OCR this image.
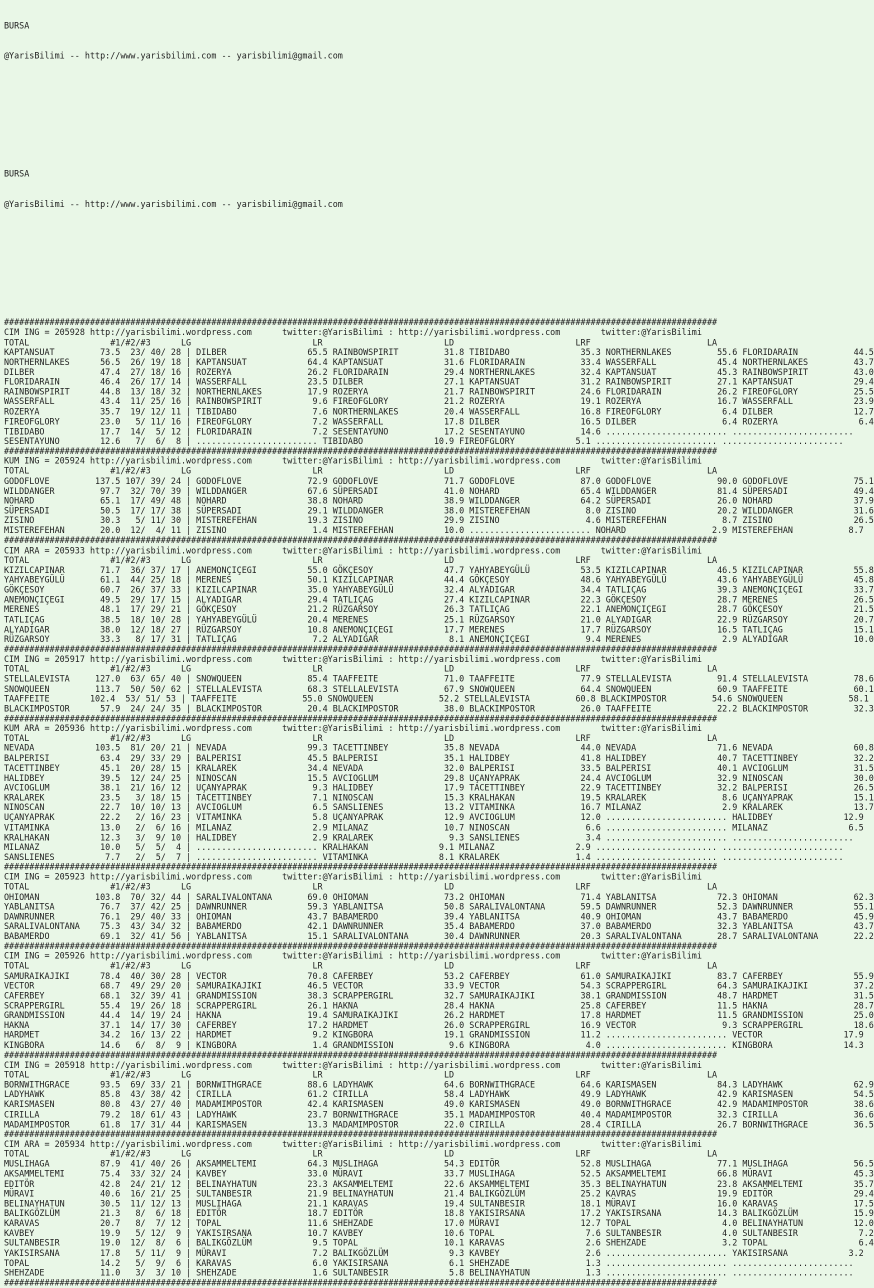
BURSA

@YarisBilimi -- http://www.yarisbilimi.com -- yarisbilimi@gmail.com

BURSA

@YarisBilimi -- http://www.yarisbilimi.com -- yarisbilimi@gmail.com

#############################################################################################################################################
CIM ING = 205928 http://yarisbilimi.wordpress.com      twitter:@YarisBilimi : http://yarisbilimi.wordpress.com        twitter:@YarisBilimi
TOTAL                #1/#2/#3      LG                        LR                        LD                        LRF                       LA
KAPTANSUAT         73.5  23/ 40/ 28 | DILBER                65.5 RAINBOWSPIRIT         31.8 TIBIDABO              35.3 NORTHERNLAKES         55.6 FLORIDARAIN           44.5
NORTHERNLAKES      56.5  26/ 19/ 18 | KAPTANSUAT            64.4 KAPTANSUAT            31.6 FLORIDARAIN           33.4 WASSERFALL            45.4 NORTHERNLAKES         43.7
DILBER             47.4  27/ 18/ 16 | ROZERYA               26.2 FLORIDARAIN           29.4 NORTHERNLAKES         32.4 KAPTANSUAT            45.3 RAINBOWSPIRIT         43.0
FLORIDARAIN        46.4  26/ 17/ 14 | WASSERFALL            23.5 DILBER                27.1 KAPTANSUAT            31.2 RAINBOWSPIRIT         27.1 KAPTANSUAT            29.4
RAINBOWSPIRIT      44.8  13/ 18/ 32 | NORTHERNLAKES         17.9 ROZERYA               21.7 RAINBOWSPIRIT         24.6 FLORIDARAIN           26.2 FIREOFGLORY           25.5
WASSERFALL         43.4  11/ 25/ 16 | RAINBOWSPIRIT          9.6 FIREOFGLORY           21.2 ROZERYA               19.1 ROZERYA               16.7 WASSERFALL            23.9
ROZERYA            35.7  19/ 12/ 11 | TIBIDABO               7.6 NORTHERNLAKES         20.4 WASSERFALL            16.8 FIREOFGLORY            6.4 DILBER                12.7
FIREOFGLORY        23.0   5/ 11/ 16 | FIREOFGLORY            7.2 WASSERFALL            17.8 DILBER                16.5 DILBER                 6.4 ROZERYA                6.4
TIBIDABO           17.7  14/  5/ 12 | FLORIDARAIN            7.2 SESENTAYUNO           17.2 SESENTAYUNO           14.6 ........................ ........................
SESENTAYUNO        12.6   7/  6/  8 | ........................ TIBIDABO              10.9 FIREOFGLORY            5.1 ........................ ........................
#############################################################################################################################################
KUM ING = 205924 http://yarisbilimi.wordpress.com      twitter:@YarisBilimi : http://yarisbilimi.wordpress.com        twitter:@YarisBilimi
TOTAL                #1/#2/#3      LG                        LR                        LD                        LRF                       LA
GODOFLOVE         137.5 107/ 39/ 24 | GODOFLOVE             72.9 GODOFLOVE             71.7 GODOFLOVE             87.0 GODOFLOVE             90.0 GODOFLOVE             75.1
WILDDANGER         97.7  32/ 70/ 39 | WILDDANGER            67.6 SÜPERSADI             41.0 NOHARD                65.4 WILDDANGER            81.4 SÜPERSADI             49.4
NOHARD             65.1  17/ 49/ 48 | NOHARD                38.8 NOHARD                38.9 WILDDANGER            64.2 SÜPERSADI             26.0 NOHARD                37.9
SÜPERSADI          50.5  17/ 17/ 38 | SÜPERSADI             29.1 WILDDANGER            38.0 MISTEREFEHAN           8.0 ZISINO                20.2 WILDDANGER            31.6
ZISINO             30.3   5/ 11/ 30 | MISTEREFEHAN          19.3 ZISINO                29.9 ZISINO                 4.6 MISTEREFEHAN           8.7 ZISINO                26.5
MISTEREFEHAN       20.0  12/  4/ 11 | ZISINO                 1.4 MISTEREFEHAN          10.0 ........................ NOHARD                 2.9 MISTEREFEHAN           8.7
#############################################################################################################################################
CIM ARA = 205933 http://yarisbilimi.wordpress.com      twitter:@YarisBilimi : http://yarisbilimi.wordpress.com        twitter:@YarisBilimi
TOTAL                #1/#2/#3      LG                        LR                        LD                        LRF                       LA
KIZILCAPINAR       71.7  36/ 37/ 17 | ANEMONÇIÇEGI          55.0 GÖKÇESOY              47.7 YAHYABEYGÜLÜ          53.5 KIZILCAPINAR          46.5 KIZILCAPINAR          55.8
YAHYABEYGÜLÜ       61.1  44/ 25/ 18 | MERENES               50.1 KIZILCAPINAR          44.4 GÖKÇESOY              48.6 YAHYABEYGÜLÜ          43.6 YAHYABEYGÜLÜ          45.8
GÖKÇESOY           60.7  26/ 37/ 33 | KIZILCAPINAR          35.0 YAHYABEYGÜLÜ          32.4 ALYADIGAR             34.4 TATLIÇAG              39.3 ANEMONÇIÇEGI          33.7
ANEMONÇIÇEGI       49.5  29/ 17/ 15 | ALYADIGAR             29.4 TATLIÇAG              27.4 KIZILCAPINAR          22.3 GÖKÇESOY              28.7 MERENES               26.5
MERENES            48.1  17/ 29/ 21 | GÖKÇESOY              21.2 RÜZGARSOY             26.3 TATLIÇAG              22.1 ANEMONÇIÇEGI          28.7 GÖKÇESOY              21.5
TATLIÇAG           38.5  18/ 10/ 28 | YAHYABEYGÜLÜ          20.4 MERENES               25.1 RÜZGARSOY             21.0 ALYADIGAR             22.9 RÜZGARSOY             20.7
ALYADIGAR          38.0  12/ 18/ 27 | RÜZGARSOY             10.8 ANEMONÇIÇEGI          17.7 MERENES               17.7 RÜZGARSOY             16.5 TATLIÇAG              15.1
RÜZGARSOY          33.3   8/ 17/ 31 | TATLIÇAG               7.2 ALYADIGAR              8.1 ANEMONÇIÇEGI           9.4 MERENES                2.9 ALYADIGAR             10.0
#############################################################################################################################################
CIM ING = 205917 http://yarisbilimi.wordpress.com      twitter:@YarisBilimi : http://yarisbilimi.wordpress.com        twitter:@YarisBilimi
TOTAL                #1/#2/#3      LG                        LR                        LD                        LRF                       LA
STELLALEVISTA     127.0  63/ 65/ 40 | SNOWQUEEN             85.4 TAAFFEITE             71.0 TAAFFEITE             77.9 STELLALEVISTA         91.4 STELLALEVISTA         78.6
SNOWQUEEN         113.7  50/ 50/ 62 | STELLALEVISTA         68.3 STELLALEVISTA         67.9 SNOWQUEEN             64.4 SNOWQUEEN             60.9 TAAFFEITE             60.1
TAAFFEITE        102.4  53/ 51/ 53 | TAAFFEITE             55.0 SNOWQUEEN             52.2 STELLALEVISTA         60.8 BLACKIMPOSTOR         54.6 SNOWQUEEN             58.1
BLACKIMPOSTOR      57.9  24/ 24/ 35 | BLACKIMPOSTOR         20.4 BLACKIMPOSTOR         38.0 BLACKIMPOSTOR         26.0 TAAFFEITE             22.2 BLACKIMPOSTOR         32.3
#############################################################################################################################################
KUM ARA = 205936 http://yarisbilimi.wordpress.com      twitter:@YarisBilimi : http://yarisbilimi.wordpress.com        twitter:@YarisBilimi
TOTAL                #1/#2/#3      LG                        LR                        LD                        LRF                       LA
NEVADA            103.5  81/ 20/ 21 | NEVADA                99.3 TACETTINBEY           35.8 NEVADA                44.0 NEVADA                71.6 NEVADA                60.8
BALPERISI          63.4  29/ 33/ 29 | BALPERISI             45.5 BALPERISI             35.1 HALIDBEY              41.8 HALIDBEY              40.7 TACETTINBEY           32.2
TACETTINBEY        45.1  20/ 28/ 15 | KRALAREK              34.4 NEVADA                32.0 BALPERISI             33.5 BALPERISI             40.1 AVCIOGLUM             31.5
HALIDBEY           39.5  12/ 24/ 25 | NINOSCAN              15.5 AVCIOGLUM             29.8 UÇANYAPRAK            24.4 AVCIOGLUM             32.9 NINOSCAN              30.0
AVCIOGLUM          38.1  21/ 16/ 12 | UÇANYAPRAK             9.3 HALIDBEY              17.9 TACETTINBEY           22.9 TACETTINBEY           32.2 BALPERISI             26.5
KRALAREK           23.5   3/ 18/ 15 | TACETTINBEY            7.1 NINOSCAN              15.3 KRALHAKAN             19.5 KRALAREK               8.6 UÇANYAPRAK            15.1
NINOSCAN           22.7  10/ 10/ 13 | AVCIOGLUM              6.5 SANSLIENES            13.2 VITAMINKA             16.7 MILANAZ                2.9 KRALAREK              13.7
UÇANYAPRAK         22.2   2/ 16/ 23 | VITAMINKA              5.8 UÇANYAPRAK            12.9 AVCIOGLUM             12.0 ........................ HALIDBEY              12.9
VITAMINKA          13.0   2/  6/ 16 | MILANAZ                2.9 MILANAZ               10.7 NINOSCAN               6.6 ........................ MILANAZ                6.5
KRALHAKAN          12.3   3/  9/ 10 | HALIDBEY               2.9 KRALAREK               9.3 SANSLIENES             3.4 ........................ ........................
MILANAZ            10.0   5/  5/  4 | ........................ KRALHAKAN              9.1 MILANAZ                2.9 ........................ ........................
SANSLIENES          7.7   2/  5/  7 | ........................ VITAMINKA              8.1 KRALAREK               1.4 ........................ ........................
#############################################################################################################################################
CIM ING = 205923 http://yarisbilimi.wordpress.com      twitter:@YarisBilimi : http://yarisbilimi.wordpress.com        twitter:@YarisBilimi
TOTAL                #1/#2/#3      LG                        LR                        LD                        LRF                       LA
OHIOMAN           103.8  70/ 32/ 44 | SARALIVALONTANA       69.0 OHIOMAN               73.2 OHIOMAN               71.4 YABLANITSA            72.3 OHIOMAN               62.3
YABLANITSA         76.7  37/ 42/ 25 | DAWNRUNNER            59.3 YABLANITSA            50.8 SARALIVALONTANA       59.5 DAWNRUNNER            52.3 DAWNRUNNER            55.1
DAWNRUNNER         76.1  29/ 40/ 33 | OHIOMAN               43.7 BABAMERDO             39.4 YABLANITSA            40.9 OHIOMAN               43.7 BABAMERDO             45.9
SARALIVALONTANA    75.3  43/ 34/ 32 | BABAMERDO             42.1 DAWNRUNNER            35.4 BABAMERDO             37.0 BABAMERDO             32.3 YABLANITSA            43.7
BABAMERDO          69.1  32/ 41/ 56 | YABLANITSA            15.1 SARALIVALONTANA       30.4 DAWNRUNNER            20.3 SARALIVALONTANA       28.7 SARALIVALONTANA       22.2
#############################################################################################################################################
CIM ING = 205926 http://yarisbilimi.wordpress.com      twitter:@YarisBilimi : http://yarisbilimi.wordpress.com        twitter:@YarisBilimi
TOTAL                #1/#2/#3      LG                        LR                        LD                        LRF                       LA
SAMURAIKAJIKI      78.4  40/ 30/ 28 | VECTOR                70.8 CAFERBEY              53.2 CAFERBEY              61.0 SAMURAIKAJIKI         83.7 CAFERBEY              55.9
VECTOR             68.7  49/ 29/ 20 | SAMURAIKAJIKI         46.5 VECTOR                33.9 VECTOR                54.3 SCRAPPERGIRL          64.3 SAMURAIKAJIKI         37.2
CAFERBEY           68.1  32/ 39/ 41 | GRANDMISSION          38.3 SCRAPPERGIRL          32.7 SAMURAIKAJIKI         38.1 GRANDMISSION          48.7 HARDMET               31.5
SCRAPPERGIRL       55.4  19/ 26/ 18 | SCRAPPERGIRL          26.1 HAKNA                 28.4 HAKNA                 25.8 CAFERBEY              11.5 HAKNA                 28.7
GRANDMISSION       44.4  14/ 19/ 24 | HAKNA                 19.4 SAMURAIKAJIKI         26.2 HARDMET               17.8 HARDMET               11.5 GRANDMISSION          25.0
HAKNA              37.1  14/ 17/ 30 | CAFERBEY              17.2 HARDMET               26.0 SCRAPPERGIRL          16.9 VECTOR                 9.3 SCRAPPERGIRL          18.6
HARDMET            34.2  16/ 13/ 22 | HARDMET                9.2 KINGBORA              19.1 GRANDMISSION          11.2 ........................ VECTOR                17.9
KINGBORA           14.6   6/  8/  9 | KINGBORA               1.4 GRANDMISSION           9.6 KINGBORA               4.0 ........................ KINGBORA              14.3
#############################################################################################################################################
CIM ING = 205918 http://yarisbilimi.wordpress.com      twitter:@YarisBilimi : http://yarisbilimi.wordpress.com        twitter:@YarisBilimi
TOTAL                #1/#2/#3      LG                        LR                        LD                        LRF                       LA
BORNWITHGRACE      93.5  69/ 33/ 21 | BORNWITHGRACE         88.6 LADYHAWK              64.6 BORNWITHGRACE         64.6 KARISMASEN            84.3 LADYHAWK              62.9
LADYHAWK           85.8  43/ 38/ 42 | CIRILLA               61.2 CIRILLA               58.4 LADYHAWK              49.9 LADYHAWK              42.9 KARISMASEN            54.5
KARISMASEN         80.8  43/ 27/ 40 | MADAMIMPOSTOR         42.4 KARISMASEN            49.0 KARISMASEN            49.0 BORNWITHGRACE         42.9 MADAMIMPOSTOR         38.6
CIRILLA            79.2  18/ 61/ 43 | LADYHAWK              23.7 BORNWITHGRACE         35.1 MADAMIMPOSTOR         40.4 MADAMIMPOSTOR         32.3 CIRILLA               36.6
MADAMIMPOSTOR      61.8  17/ 31/ 44 | KARISMASEN            13.3 MADAMIMPOSTOR         22.0 CIRILLA               28.4 CIRILLA               26.7 BORNWITHGRACE         36.5
#############################################################################################################################################
CIM ARA = 205934 http://yarisbilimi.wordpress.com      twitter:@YarisBilimi : http://yarisbilimi.wordpress.com        twitter:@YarisBilimi
TOTAL                #1/#2/#3      LG                        LR                        LD                        LRF                       LA
MUSLIHAGA          87.9  41/ 40/ 26 | AKSAMMELTEMI          64.3 MUSLIHAGA             54.3 EDITÖR                52.8 MUSLIHAGA             77.1 MUSLIHAGA             56.5
AKSAMMELTEMI       75.4  33/ 32/ 24 | KAVBEY                33.0 MÜRAVI                33.7 MUSLIHAGA             52.5 AKSAMMELTEMI          66.8 MÜRAVI                45.3
EDITÖR             42.8  24/ 21/ 12 | BELINAYHATUN          23.3 AKSAMMELTEMI          22.6 AKSAMMELTEMI          35.3 BELINAYHATUN          23.8 AKSAMMELTEMI          35.7
MÜRAVI             40.6  16/ 21/ 25 | SULTANBESIR           21.9 BELINAYHATUN          21.4 BALIKGÖZLÜM           25.2 KAVRAS                19.9 EDITÖR                29.4
BELINAYHATUN       30.5  11/ 12/ 13 | MUSLIHAGA             21.1 KARAVAS               19.4 SULTANBESIR           18.1 MÜRAVI                16.0 KARAVAS               17.5
BALIKGÖZLÜM        21.3   8/  6/ 18 | EDITÖR                18.7 EDITÖR                18.8 YAKISIRSANA           17.2 YAKISIRSANA           14.3 BALIKGÖZLÜM           15.9
KARAVAS            20.7   8/  7/ 12 | TOPAL                 11.6 SHEHZADE              17.0 MÜRAVI                12.7 TOPAL                  4.0 BELINAYHATUN          12.0
KAVBEY             19.9   5/ 12/  9 | YAKISIRSANA           10.7 KAVBEY                10.6 TOPAL                  7.6 SULTANBESIR            4.0 SULTANBESIR            7.2
SULTANBESIR        19.0  12/  8/  6 | BALIKGÖZLÜM            9.5 TOPAL                 10.1 KARAVAS                2.6 SHEHZADE               3.2 TOPAL                  6.4
YAKISIRSANA        17.8   5/ 11/  9 | MÜRAVI                 7.2 BALIKGÖZLÜM            9.3 KAVBEY                 2.6 ........................ YAKISIRSANA            3.2
TOPAL              14.2   5/  9/  6 | KARAVAS                6.0 YAKISIRSANA            6.1 SHEHZADE               1.3 ........................ ........................
SHEHZADE           11.0   3/  3/ 10 | SHEHZADE               1.6 SULTANBESIR            5.8 BELINAYHATUN           1.3 ........................ ........................
#############################################################################################################################################
